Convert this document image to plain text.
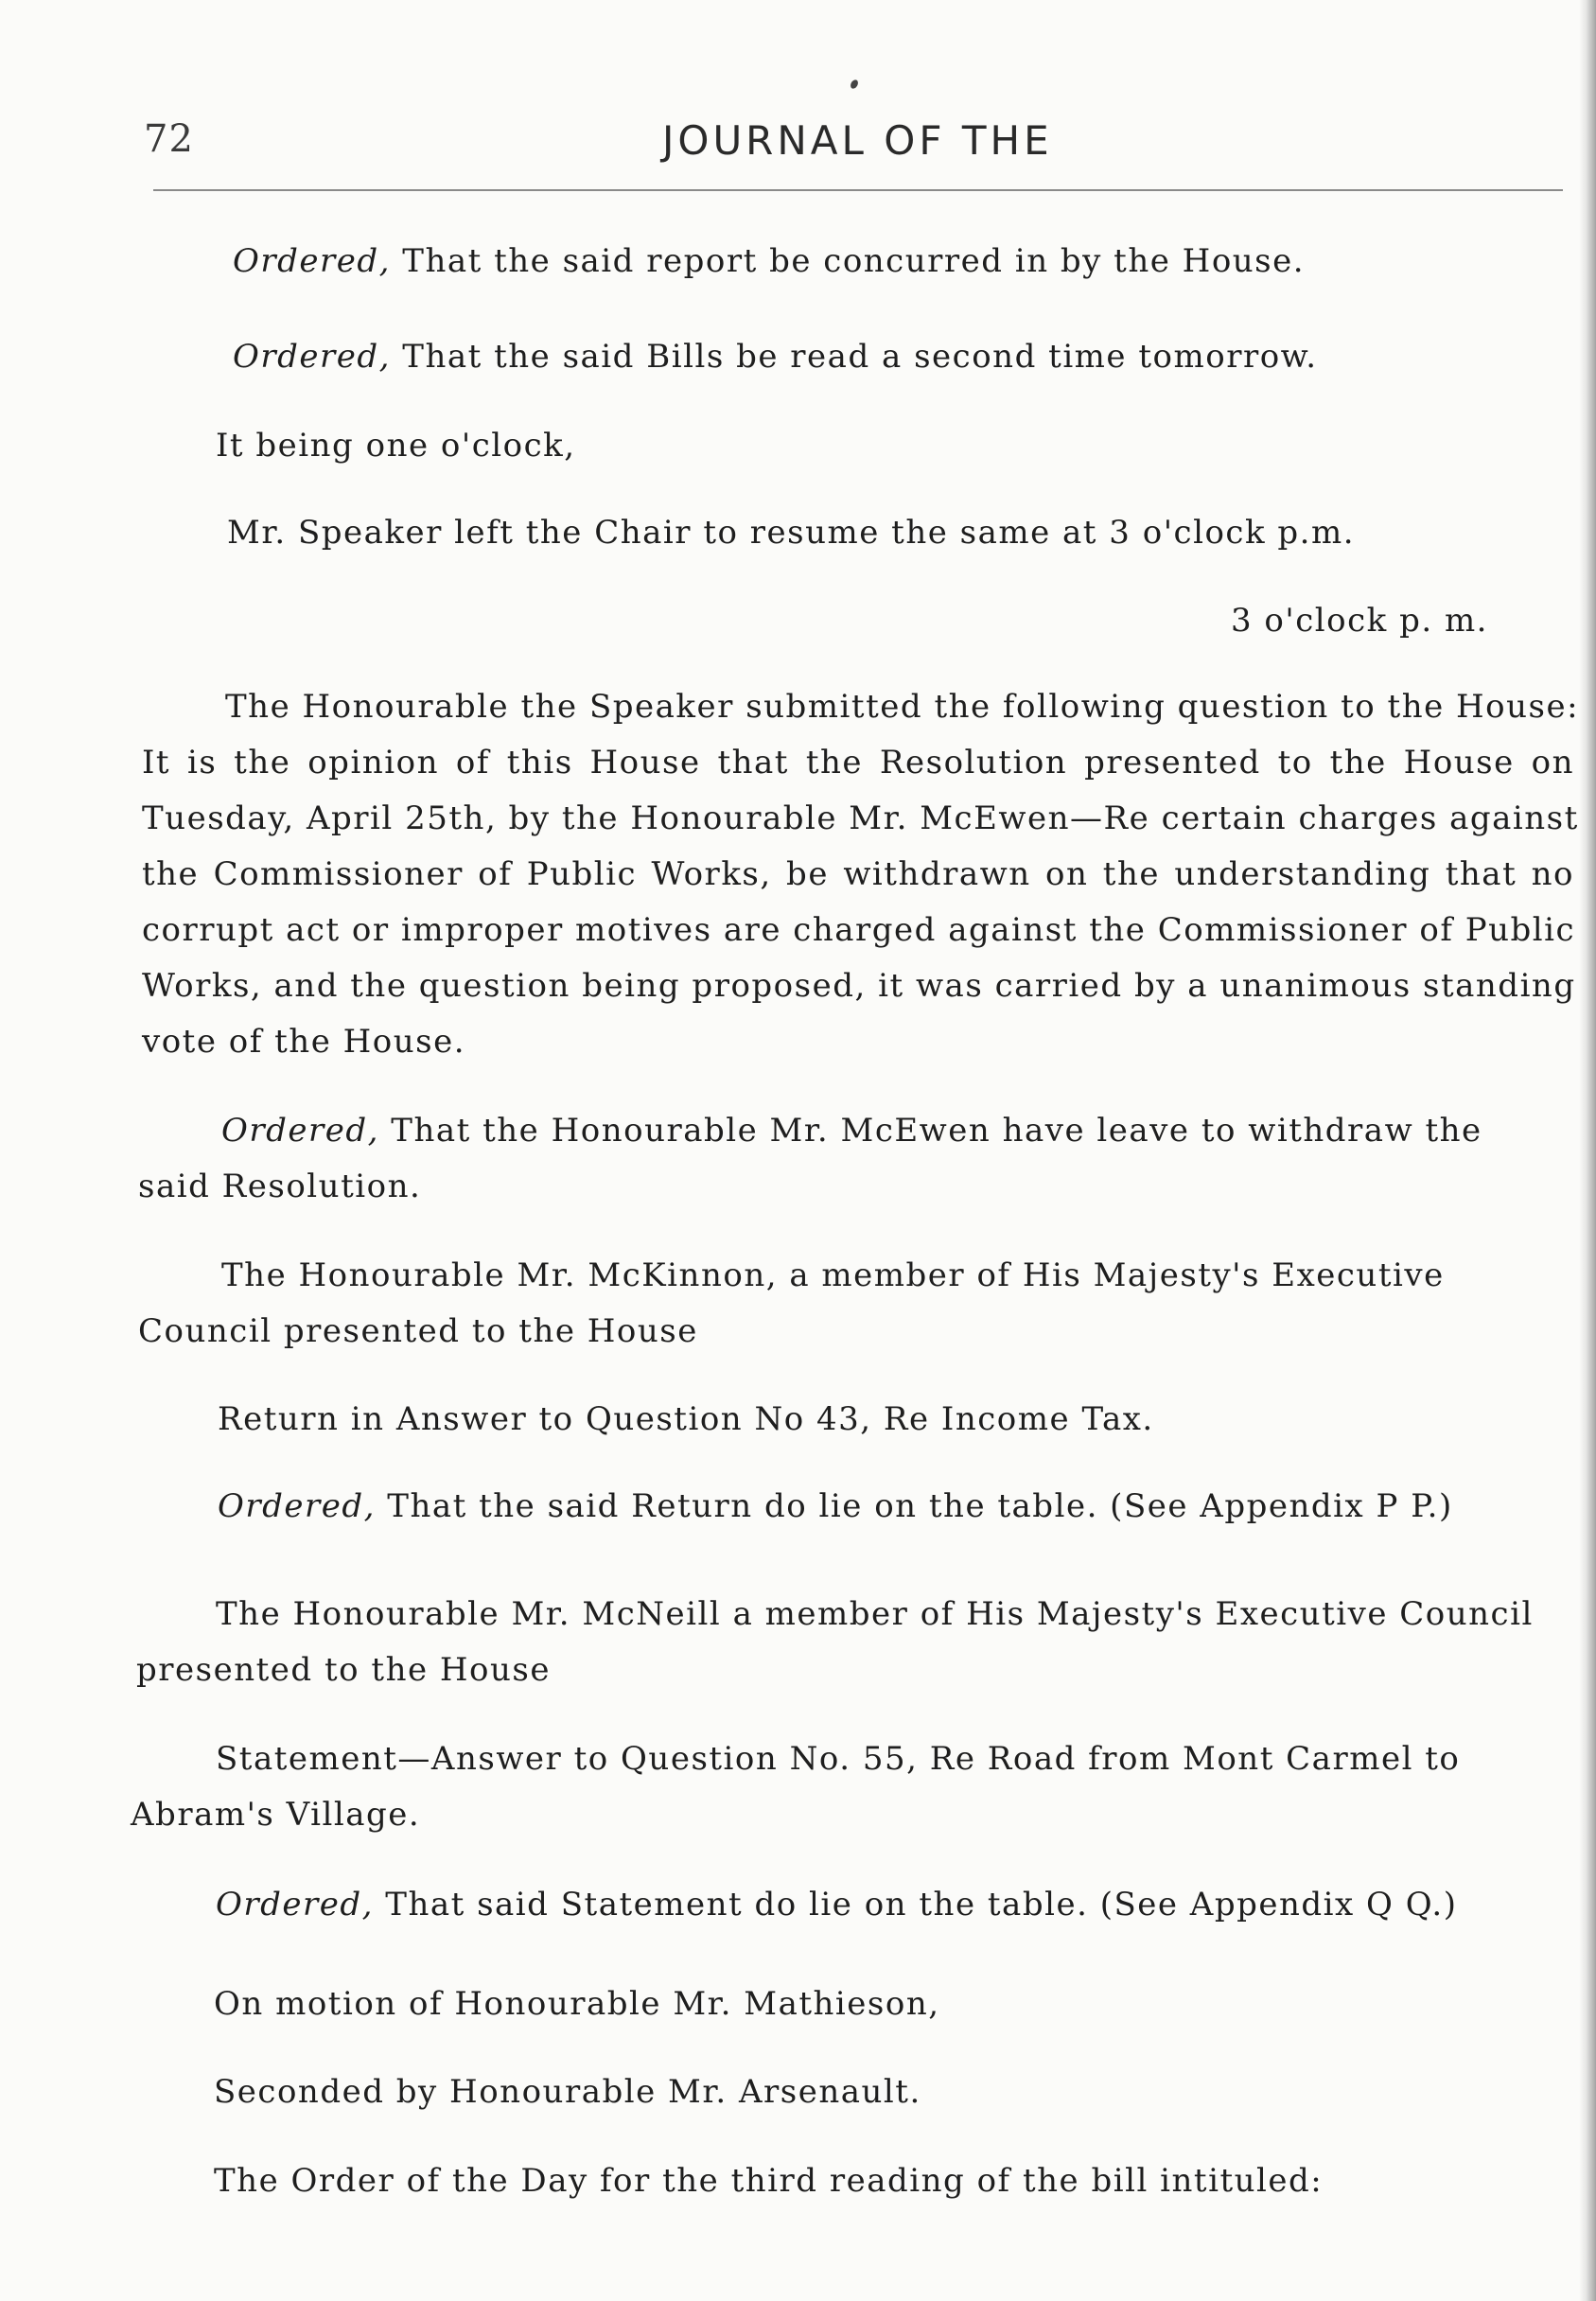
72	JOURNAL OF THE
Ordered, That the said report be concurred in by the House.
Ordered, That the said Bills be read a second time tomorrow.
It being one o'clock,
Mr. Speaker left the Chair to resume the same at 3 o'clock p.m.
3 o'clock p. m.
The Honourable the Speaker submitted the following question to the House:
It is the opinion of this House that the Resolution presented to the House on
Tuesday, April 25th, by the Honourable Mr. McEwen—Re certain charges against
the Commissioner of Public Works, be withdrawn on the understanding that no
corrupt act or improper motives are charged against the Commissioner of Public
Works, and the question being proposed, it was carried by a unanimous standing
vote of the House.
Ordered, That the Honourable Mr. McEwen have leave to withdraw the
said Resolution.
The Honourable Mr. McKinnon, a member of His Majesty's Executive
Council presented to the House
Return in Answer to Question No 43, Re Income Tax.
Ordered, That the said Return do lie on the table. (See Appendix P P.)
The Honourable Mr. McNeill a member of His Majesty's Executive Council
presented to the House
Statement—Answer to Question No. 55, Re Road from Mont Carmel to
Abram's Village.
Ordered, That said Statement do lie on the table. (See Appendix Q Q.)
On motion of Honourable Mr. Mathieson,
Seconded by Honourable Mr. Arsenault.
The Order of the Day for the third reading of the bill intituled:
